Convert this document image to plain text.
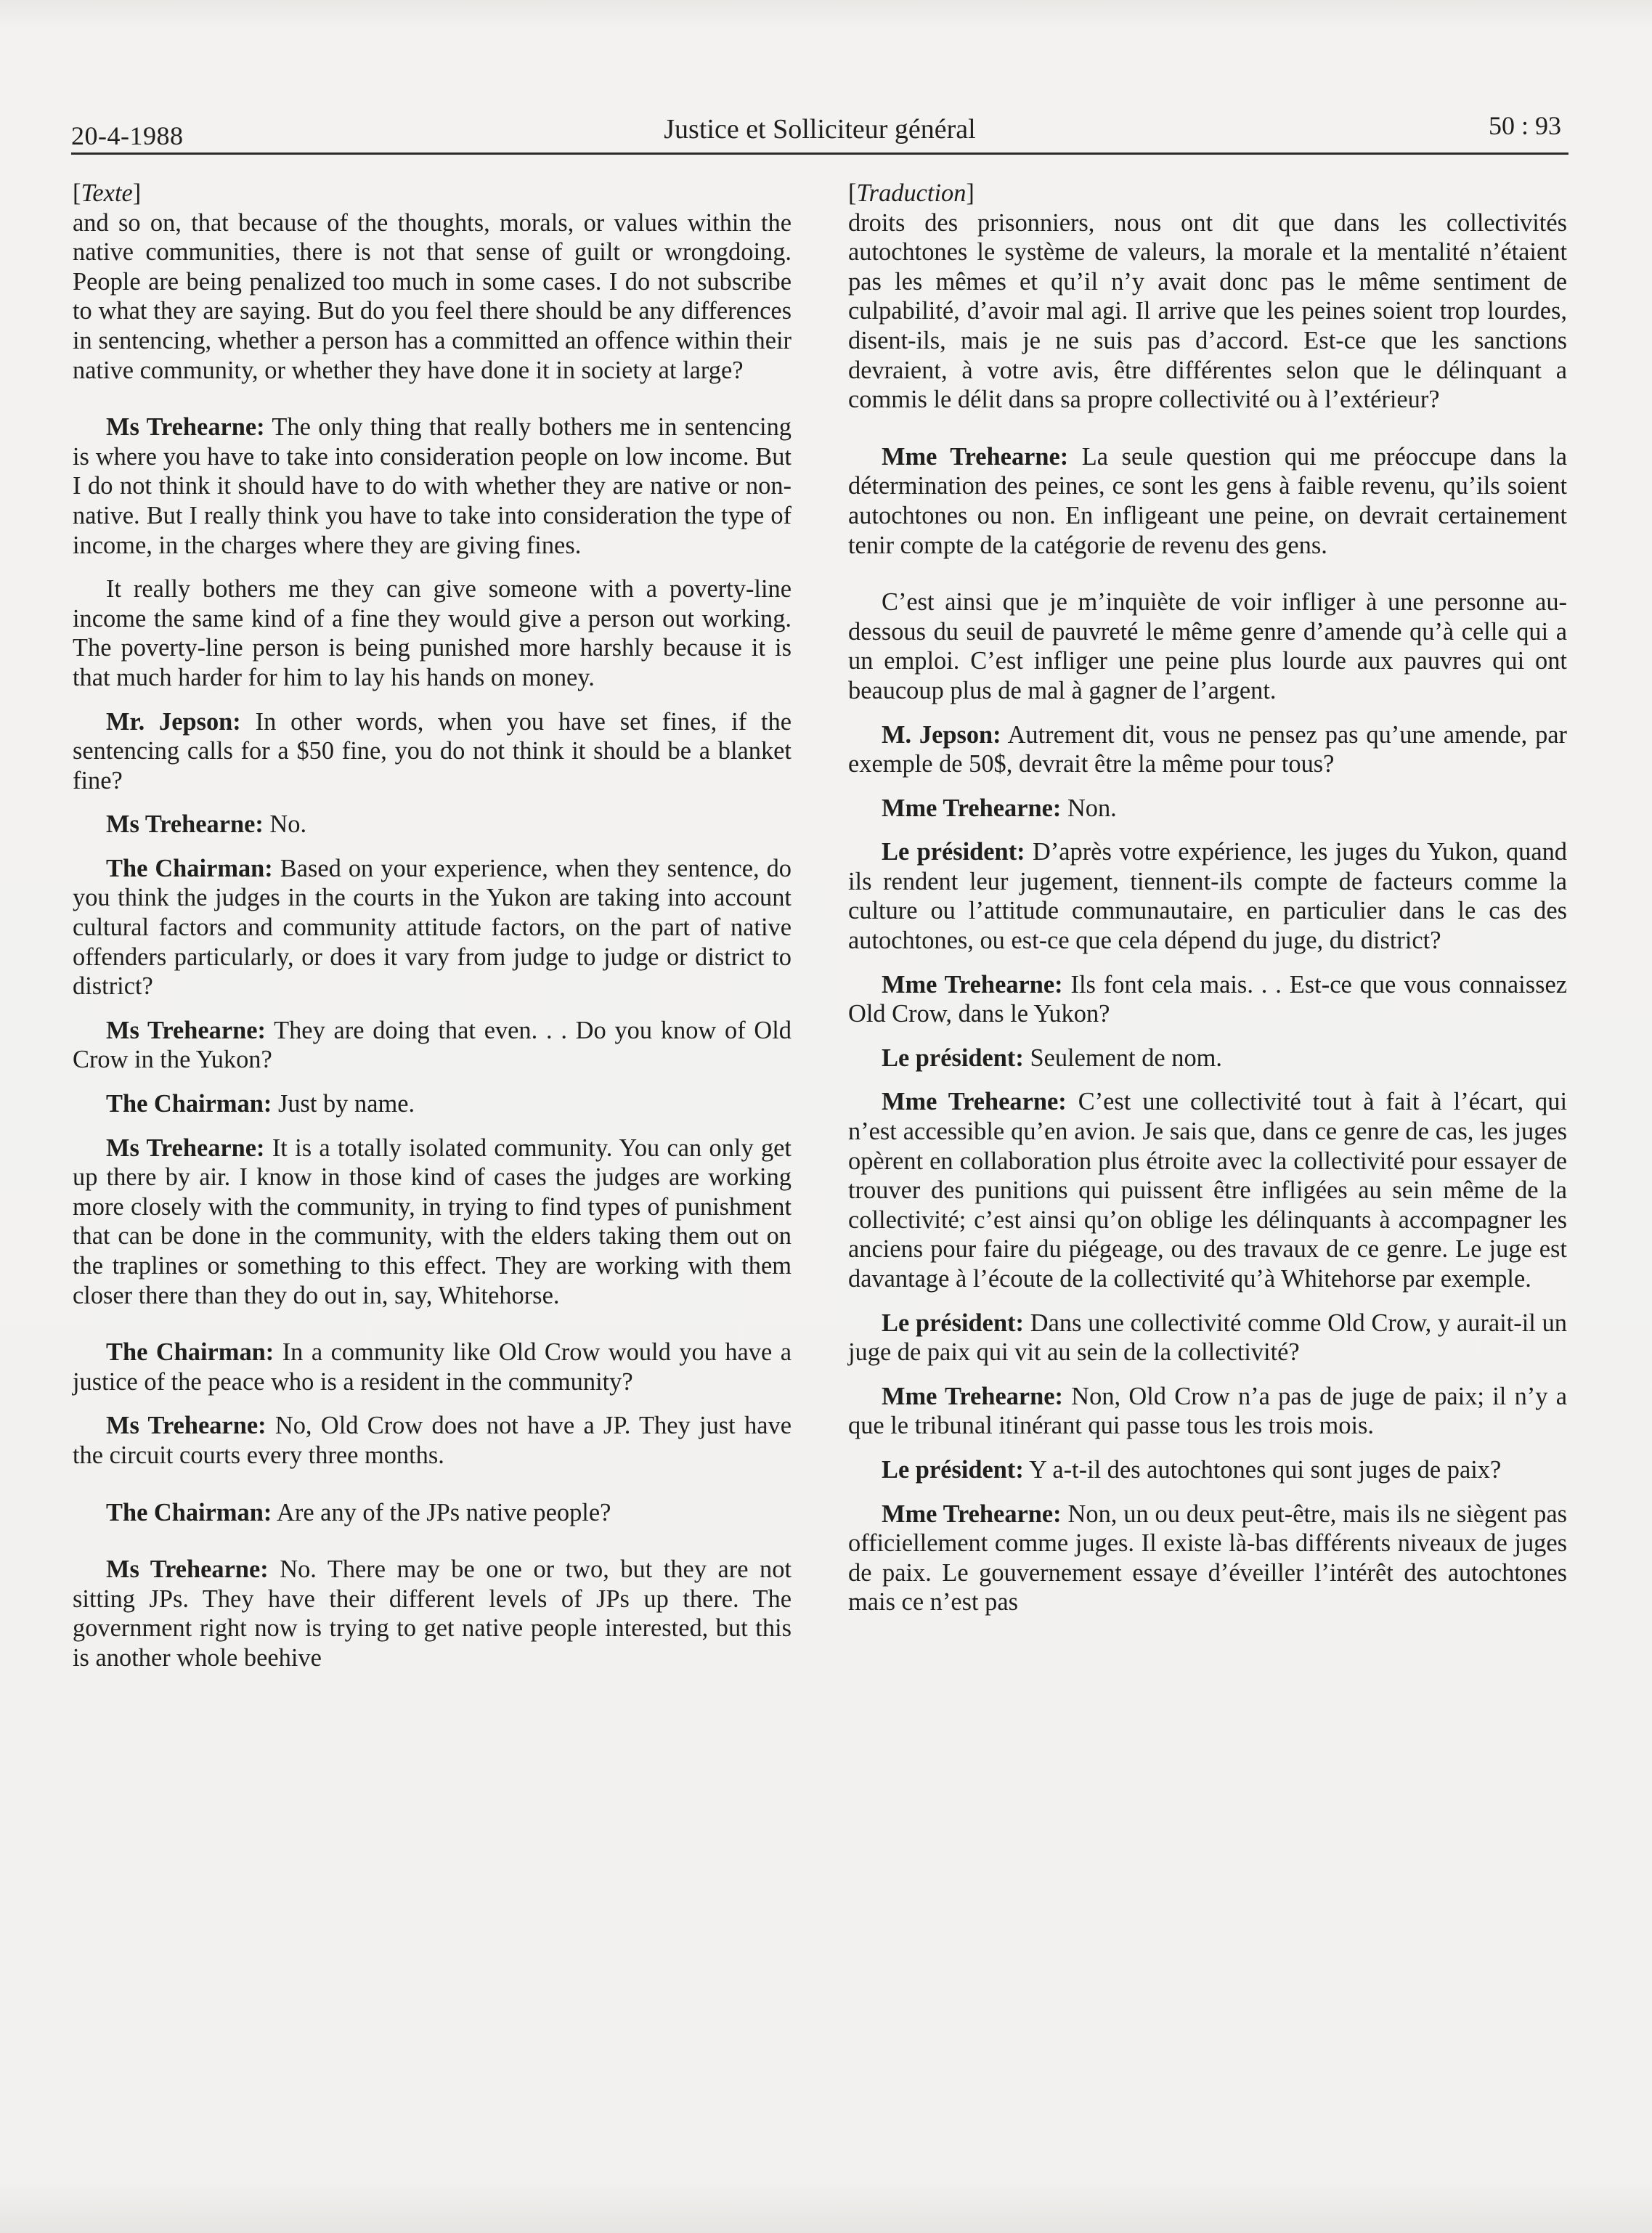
20-4-1988	Justice et Solliciteur général	50 : 93

[Texte]

and so on, that because of the thoughts, morals, or values within the native communities, there is not that sense of guilt or wrongdoing. People are being penalized too much in some cases. I do not subscribe to what they are saying. But do you feel there should be any differences in sentencing, whether a person has a committed an offence within their native community, or whether they have done it in society at large?

Ms Trehearne: The only thing that really bothers me in sentencing is where you have to take into consideration people on low income. But I do not think it should have to do with whether they are native or non-native. But I really think you have to take into consideration the type of income, in the charges where they are giving fines.

It really bothers me they can give someone with a poverty-line income the same kind of a fine they would give a person out working. The poverty-line person is being punished more harshly because it is that much harder for him to lay his hands on money.

Mr. Jepson: In other words, when you have set fines, if the sentencing calls for a $50 fine, you do not think it should be a blanket fine?

Ms Trehearne: No.

The Chairman: Based on your experience, when they sentence, do you think the judges in the courts in the Yukon are taking into account cultural factors and community attitude factors, on the part of native offenders particularly, or does it vary from judge to judge or district to district?

Ms Trehearne: They are doing that even. . . Do you know of Old Crow in the Yukon?

The Chairman: Just by name.

Ms Trehearne: It is a totally isolated community. You can only get up there by air. I know in those kind of cases the judges are working more closely with the community, in trying to find types of punishment that can be done in the community, with the elders taking them out on the traplines or something to this effect. They are working with them closer there than they do out in, say, Whitehorse.

The Chairman: In a community like Old Crow would you have a justice of the peace who is a resident in the community?

Ms Trehearne: No, Old Crow does not have a JP. They just have the circuit courts every three months.

The Chairman: Are any of the JPs native people?

Ms Trehearne: No. There may be one or two, but they are not sitting JPs. They have their different levels of JPs up there. The government right now is trying to get native people interested, but this is another whole beehive

[Traduction]

droits des prisonniers, nous ont dit que dans les collectivités autochtones le système de valeurs, la morale et la mentalité n’étaient pas les mêmes et qu’il n’y avait donc pas le même sentiment de culpabilité, d’avoir mal agi. Il arrive que les peines soient trop lourdes, disent-ils, mais je ne suis pas d’accord. Est-ce que les sanctions devraient, à votre avis, être différentes selon que le délinquant a commis le délit dans sa propre collectivité ou à l’extérieur?

Mme Trehearne: La seule question qui me préoccupe dans la détermination des peines, ce sont les gens à faible revenu, qu’ils soient autochtones ou non. En infligeant une peine, on devrait certainement tenir compte de la catégorie de revenu des gens.

C’est ainsi que je m’inquiète de voir infliger à une personne au-dessous du seuil de pauvreté le même genre d’amende qu’à celle qui a un emploi. C’est infliger une peine plus lourde aux pauvres qui ont beaucoup plus de mal à gagner de l’argent.

M. Jepson: Autrement dit, vous ne pensez pas qu’une amende, par exemple de 50$, devrait être la même pour tous?

Mme Trehearne: Non.

Le président: D’après votre expérience, les juges du Yukon, quand ils rendent leur jugement, tiennent-ils compte de facteurs comme la culture ou l’attitude communautaire, en particulier dans le cas des autochtones, ou est-ce que cela dépend du juge, du district?

Mme Trehearne: Ils font cela mais. . . Est-ce que vous connaissez Old Crow, dans le Yukon?

Le président: Seulement de nom.

Mme Trehearne: C’est une collectivité tout à fait à l’écart, qui n’est accessible qu’en avion. Je sais que, dans ce genre de cas, les juges opèrent en collaboration plus étroite avec la collectivité pour essayer de trouver des punitions qui puissent être infligées au sein même de la collectivité; c’est ainsi qu’on oblige les délinquants à accompagner les anciens pour faire du piégeage, ou des travaux de ce genre. Le juge est davantage à l’écoute de la collectivité qu’à Whitehorse par exemple.

Le président: Dans une collectivité comme Old Crow, y aurait-il un juge de paix qui vit au sein de la collectivité?

Mme Trehearne: Non, Old Crow n’a pas de juge de paix; il n’y a que le tribunal itinérant qui passe tous les trois mois.

Le président: Y a-t-il des autochtones qui sont juges de paix?

Mme Trehearne: Non, un ou deux peut-être, mais ils ne siègent pas officiellement comme juges. Il existe là-bas différents niveaux de juges de paix. Le gouvernement essaye d’éveiller l’intérêt des autochtones mais ce n’est pas
